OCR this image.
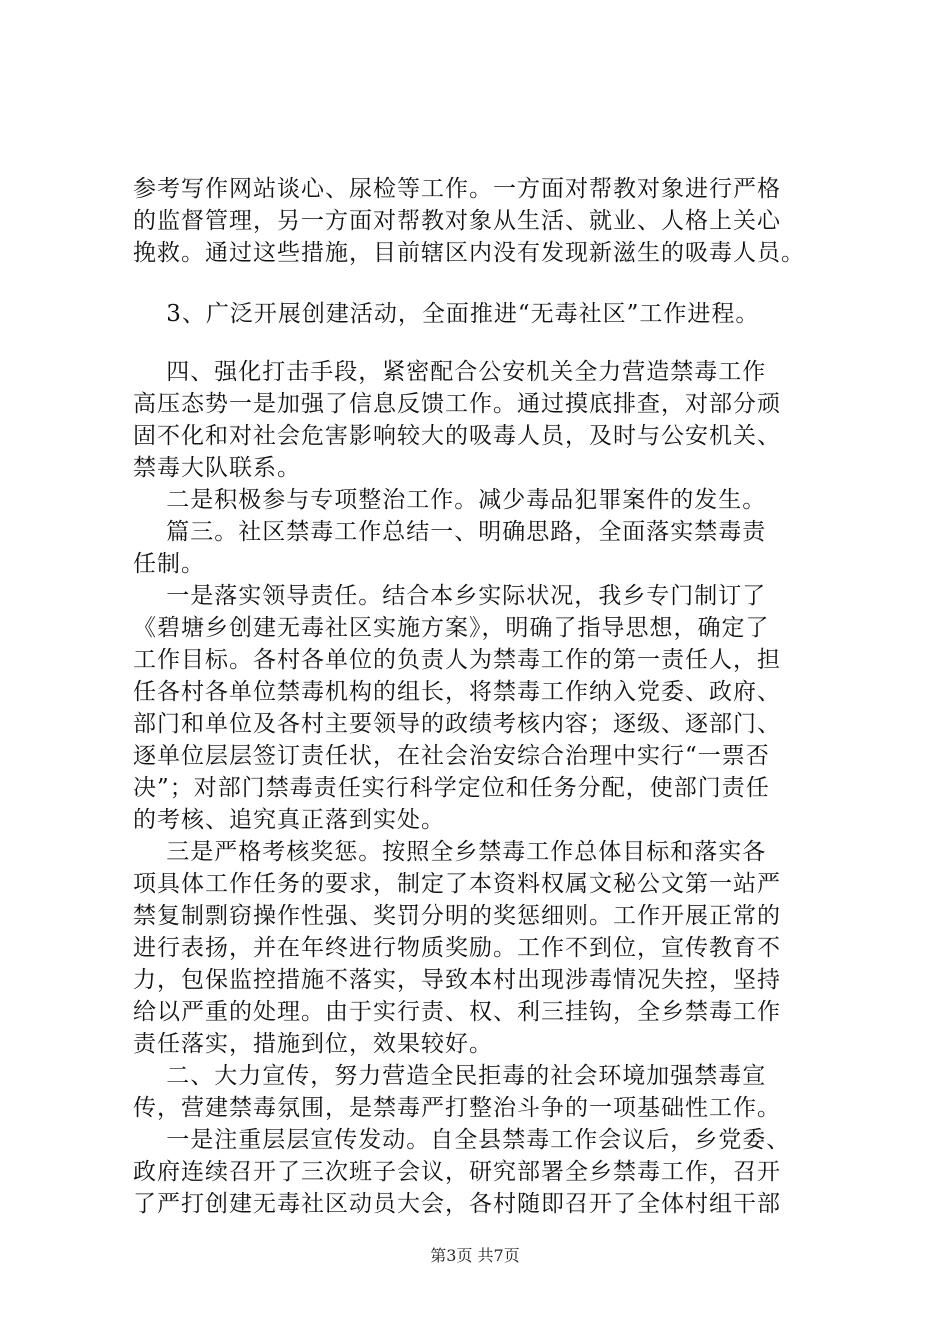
参考写作网站谈心、尿检等工作。一方面对帮教对象进行严格
的监督管理，另一方面对帮教对象从生活、就业、人格上关心
挽救。通过这些措施，目前辖区内没有发现新滋生的吸毒人员。
3、广泛开展创建活动，全面推进“无毒社区”工作进程。
四、强化打击手段，紧密配合公安机关全力营造禁毒工作
高压态势一是加强了信息反馈工作。通过摸底排查，对部分顽
固不化和对社会危害影响较大的吸毒人员，及时与公安机关、
禁毒大队联系。
二是积极参与专项整治工作。减少毒品犯罪案件的发生。
篇三。社区禁毒工作总结一、明确思路，全面落实禁毒责
任制。
一是落实领导责任。结合本乡实际状况，我乡专门制订了
《碧塘乡创建无毒社区实施方案》，明确了指导思想，确定了
工作目标。各村各单位的负责人为禁毒工作的第一责任人，担
任各村各单位禁毒机构的组长，将禁毒工作纳入党委、政府、
部门和单位及各村主要领导的政绩考核内容；逐级、逐部门、
逐单位层层签订责任状，在社会治安综合治理中实行“一票否
决”；对部门禁毒责任实行科学定位和任务分配，使部门责任
的考核、追究真正落到实处。
三是严格考核奖惩。按照全乡禁毒工作总体目标和落实各
项具体工作任务的要求，制定了本资料权属文秘公文第一站严
禁复制剽窃操作性强、奖罚分明的奖惩细则。工作开展正常的
进行表扬，并在年终进行物质奖励。工作不到位，宣传教育不
力，包保监控措施不落实，导致本村出现涉毒情况失控，坚持
给以严重的处理。由于实行责、权、利三挂钩，全乡禁毒工作
责任落实，措施到位，效果较好。
二、大力宣传，努力营造全民拒毒的社会环境加强禁毒宣
传，营建禁毒氛围，是禁毒严打整治斗争的一项基础性工作。
一是注重层层宣传发动。自全县禁毒工作会议后，乡党委、
政府连续召开了三次班子会议，研究部署全乡禁毒工作，召开
了严打创建无毒社区动员大会，各村随即召开了全体村组干部
第3页 共7页
